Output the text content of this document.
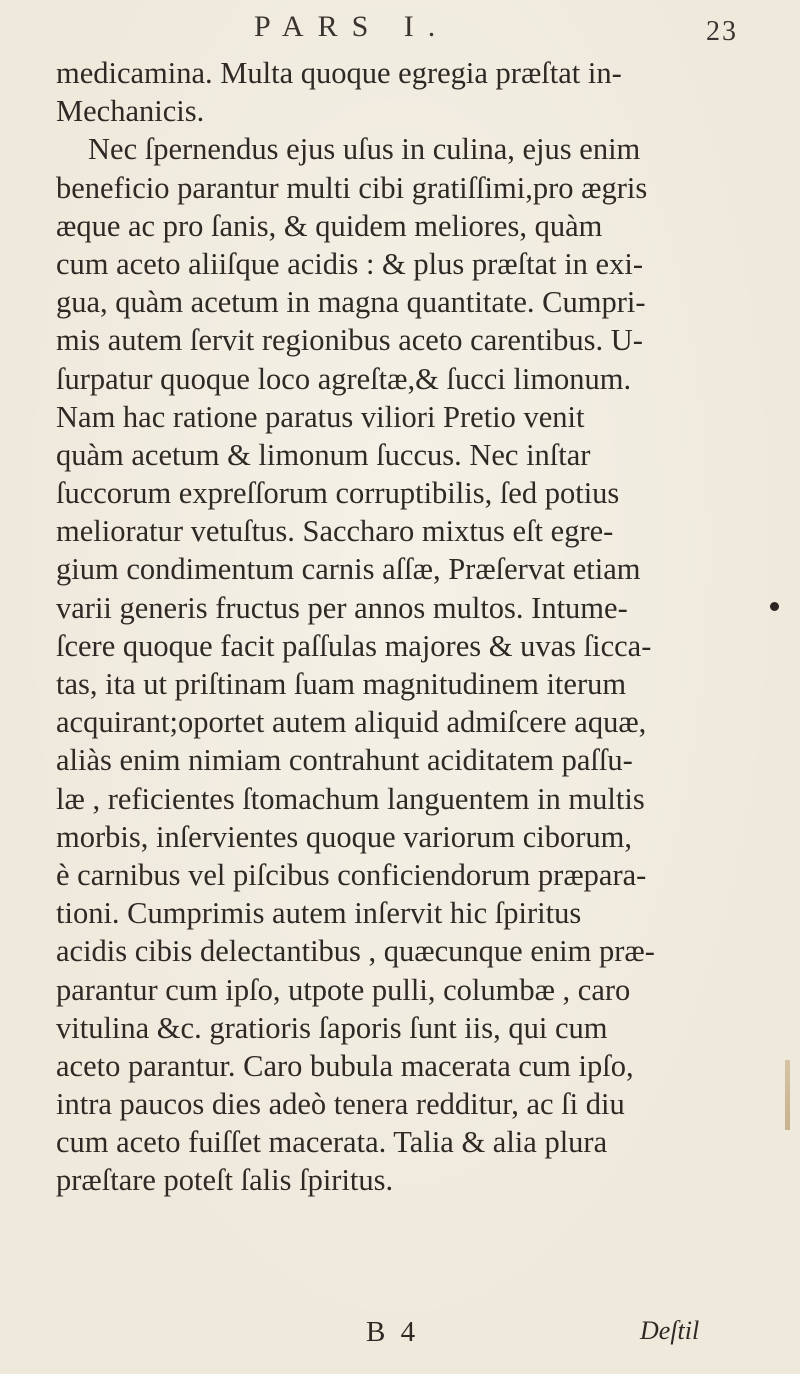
PARS I.	23
medicamina. Multa quoque egregia præſtat in-
Mechanicis.
Nec ſpernendus ejus uſus in culina, ejus enim
beneficio parantur multi cibi gratiſſimi,pro ægris
æque ac pro ſanis, & quidem meliores, quàm
cum aceto aliiſque acidis : & plus præſtat in exi-
gua, quàm acetum in magna quantitate. Cumpri-
mis autem ſervit regionibus aceto carentibus. U-
ſurpatur quoque loco agreſtæ,& ſucci limonum.
Nam hac ratione paratus viliori Pretio venit
quàm acetum & limonum ſuccus. Nec inſtar
ſuccorum expreſſorum corruptibilis, ſed potius
melioratur vetuſtus. Saccharo mixtus eſt egre-
gium condimentum carnis aſſæ, Præſervat etiam
varii generis fructus per annos multos. Intume-
ſcere quoque facit paſſulas majores & uvas ſicca-
tas, ita ut priſtinam ſuam magnitudinem iterum
acquirant;oportet autem aliquid admiſcere aquæ,
aliàs enim nimiam contrahunt aciditatem paſſu-
læ , reficientes ſtomachum languentem in multis
morbis, inſervientes quoque variorum ciborum,
è carnibus vel piſcibus conficiendorum præpara-
tioni. Cumprimis autem inſervit hic ſpiritus
acidis cibis delectantibus , quæcunque enim præ-
parantur cum ipſo, utpote pulli, columbæ , caro
vitulina &c. gratioris ſaporis ſunt iis, qui cum
aceto parantur. Caro bubula macerata cum ipſo,
intra paucos dies adeò tenera redditur, ac ſi diu
cum aceto fuiſſet macerata. Talia & alia plura
præſtare poteſt ſalis ſpiritus.
B 4	Deſtil
